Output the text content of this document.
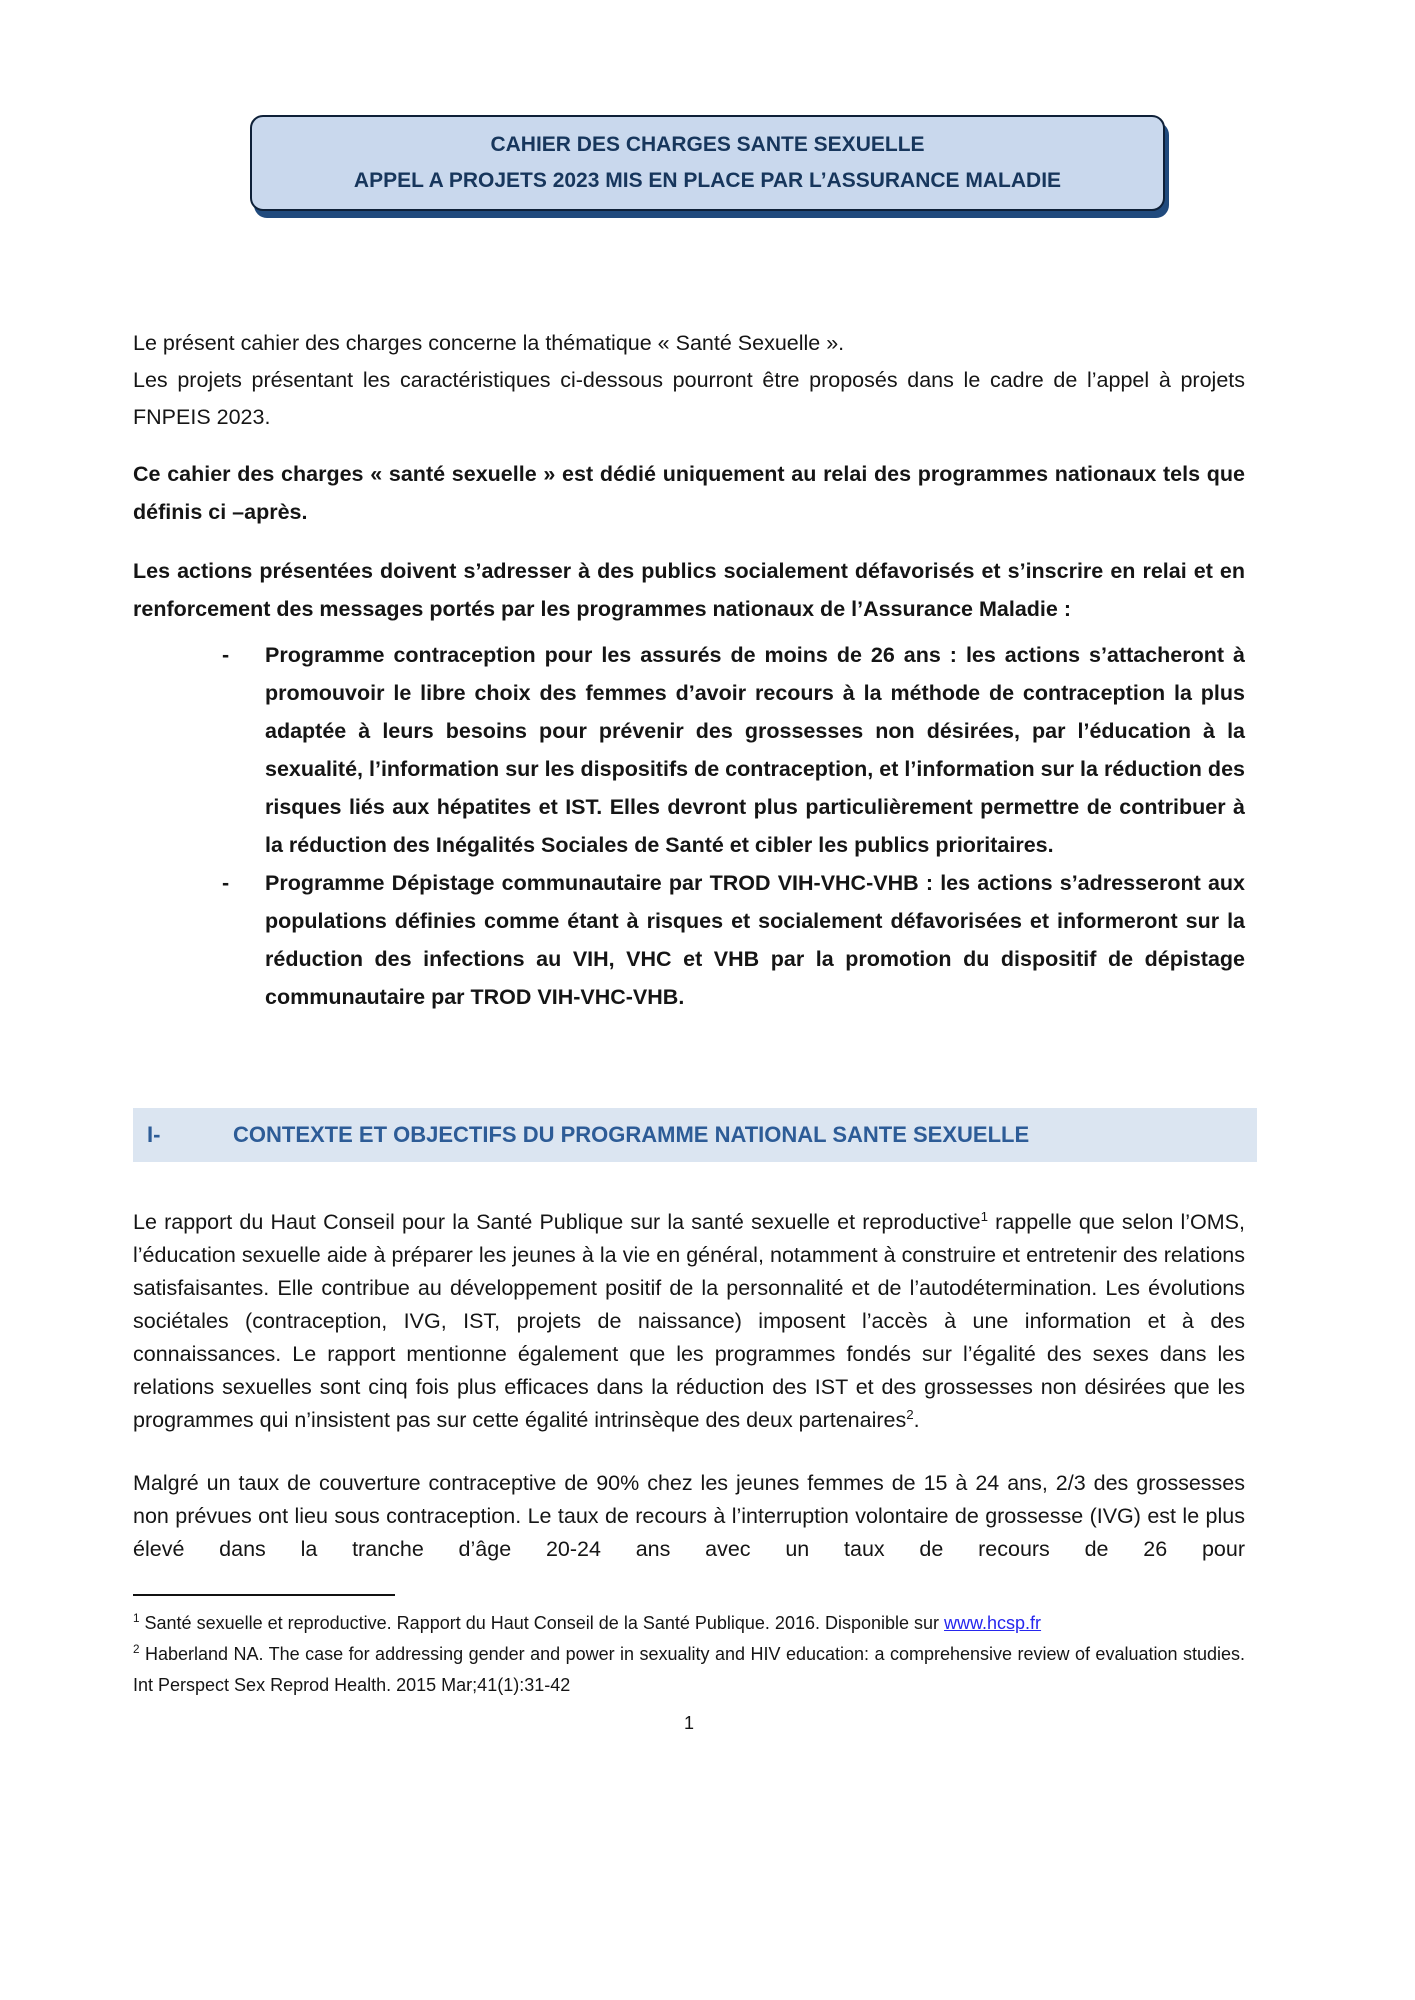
CAHIER DES CHARGES SANTE SEXUELLE
APPEL A PROJETS 2023 MIS EN PLACE PAR L’ASSURANCE MALADIE

Le présent cahier des charges concerne la thématique « Santé Sexuelle ».
Les projets présentant les caractéristiques ci-dessous pourront être proposés dans le cadre de l’appel à projets FNPEIS 2023.

Ce cahier des charges « santé sexuelle » est dédié uniquement au relai des programmes nationaux tels que définis ci –après.

Les actions présentées doivent s’adresser à des publics socialement défavorisés et s’inscrire en relai et en renforcement des messages portés par les programmes nationaux de l’Assurance Maladie :

-	Programme contraception pour les assurés de moins de 26 ans : les actions s’attacheront à promouvoir le libre choix des femmes d’avoir recours à la méthode de contraception la plus adaptée à leurs besoins pour prévenir des grossesses non désirées, par l’éducation à la sexualité, l’information sur les dispositifs de contraception, et l’information sur la réduction des risques liés aux hépatites et IST. Elles devront plus particulièrement permettre de contribuer à la réduction des Inégalités Sociales de Santé et cibler les publics prioritaires.
-	Programme Dépistage communautaire par TROD VIH-VHC-VHB : les actions s’adresseront aux populations définies comme étant à risques et socialement défavorisées et informeront sur la réduction des infections au VIH, VHC et VHB par la promotion du dispositif de dépistage communautaire par TROD VIH-VHC-VHB.
I-	CONTEXTE ET OBJECTIFS DU PROGRAMME NATIONAL SANTE SEXUELLE

Le rapport du Haut Conseil pour la Santé Publique sur la santé sexuelle et reproductive$^1$ rappelle que selon l’OMS, l’éducation sexuelle aide à préparer les jeunes à la vie en général, notamment à construire et entretenir des relations satisfaisantes. Elle contribue au développement positif de la personnalité et de l’autodétermination. Les évolutions sociétales (contraception, IVG, IST, projets de naissance) imposent l’accès à une information et à des connaissances. Le rapport mentionne également que les programmes fondés sur l’égalité des sexes dans les relations sexuelles sont cinq fois plus efficaces dans la réduction des IST et des grossesses non désirées que les programmes qui n’insistent pas sur cette égalité intrinsèque des deux partenaires$^2$.

Malgré un taux de couverture contraceptive de 90% chez les jeunes femmes de 15 à 24 ans, 2/3 des grossesses non prévues ont lieu sous contraception. Le taux de recours à l’interruption volontaire de grossesse (IVG) est le plus élevé dans la tranche d’âge 20-24 ans avec un taux de recours de 26 pour

$^1$ Santé sexuelle et reproductive. Rapport du Haut Conseil de la Santé Publique. 2016. Disponible sur www.hcsp.fr

$^2$ Haberland NA. The case for addressing gender and power in sexuality and HIV education: a comprehensive review of evaluation studies. Int Perspect Sex Reprod Health. 2015 Mar;41(1):31-42

1
